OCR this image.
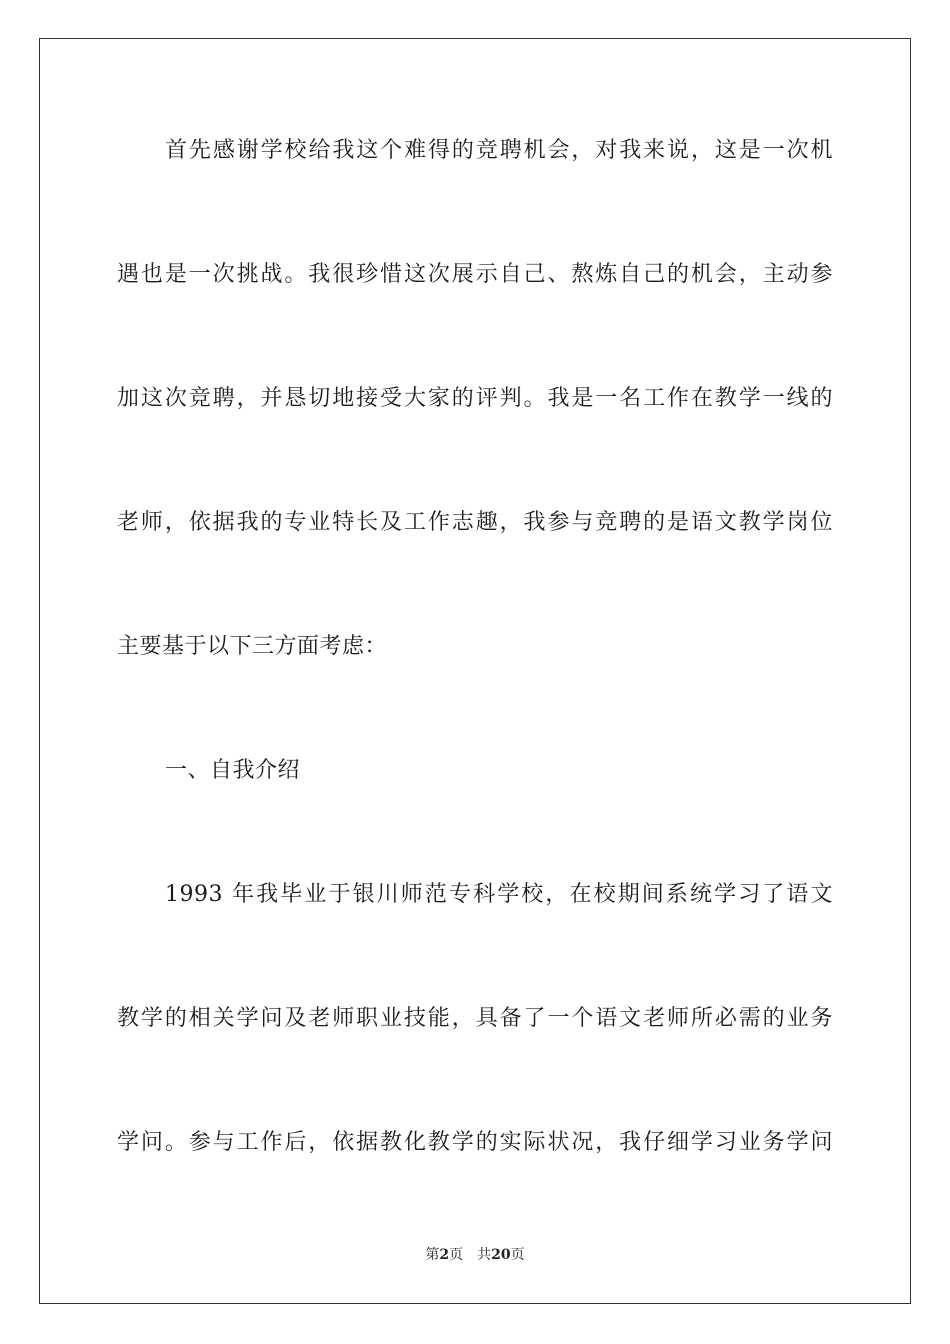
首先感谢学校给我这个难得的竞聘机会，对我来说，这是一次机
遇也是一次挑战。我很珍惜这次展示自己、熬炼自己的机会，主动参
加这次竞聘，并恳切地接受大家的评判。我是一名工作在教学一线的
老师，依据我的专业特长及工作志趣，我参与竞聘的是语文教学岗位
主要基于以下三方面考虑：
一、自我介绍
1993 年我毕业于银川师范专科学校，在校期间系统学习了语文
教学的相关学问及老师职业技能，具备了一个语文老师所必需的业务
学问。参与工作后，依据教化教学的实际状况，我仔细学习业务学问
第2页 共20页
